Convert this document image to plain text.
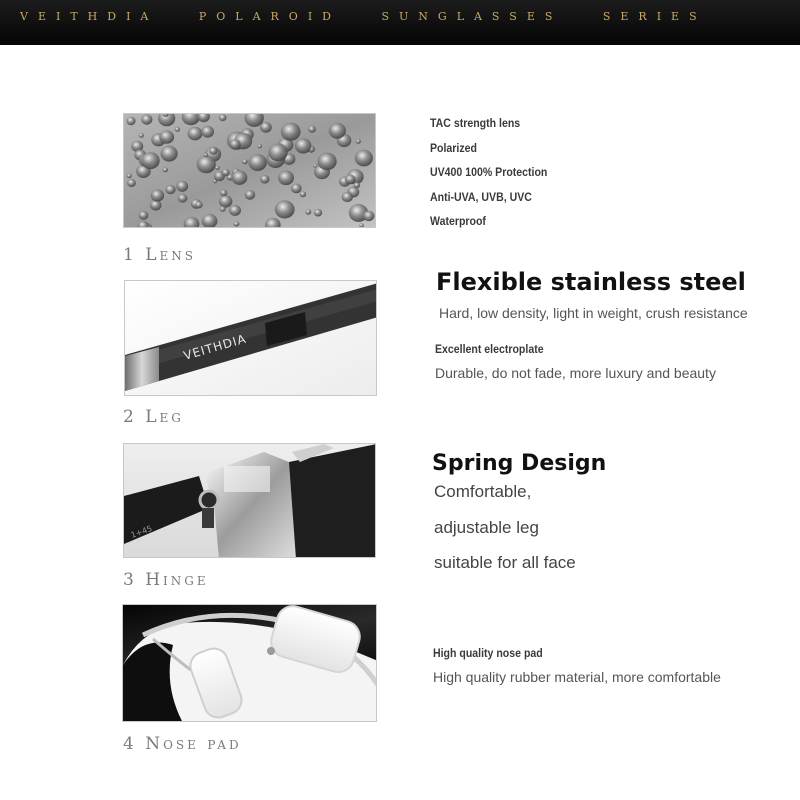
VEITHDIA   POLAROID   SUNGLASSES   SERIES
1 Lens
TAC strength lens
Polarized
UV400 100% Protection
Anti-UVA, UVB, UVC
Waterproof
VEITHDIA
2 Leg
Flexible stainless steel
Hard, low density, light in weight, crush resistance
Excellent electroplate
Durable, do not fade, more luxury and beauty
1+45
3 Hinge
Spring Design
Comfortable,
adjustable leg
suitable for all face
4 Nose pad
High quality nose pad
High quality rubber material, more comfortable
